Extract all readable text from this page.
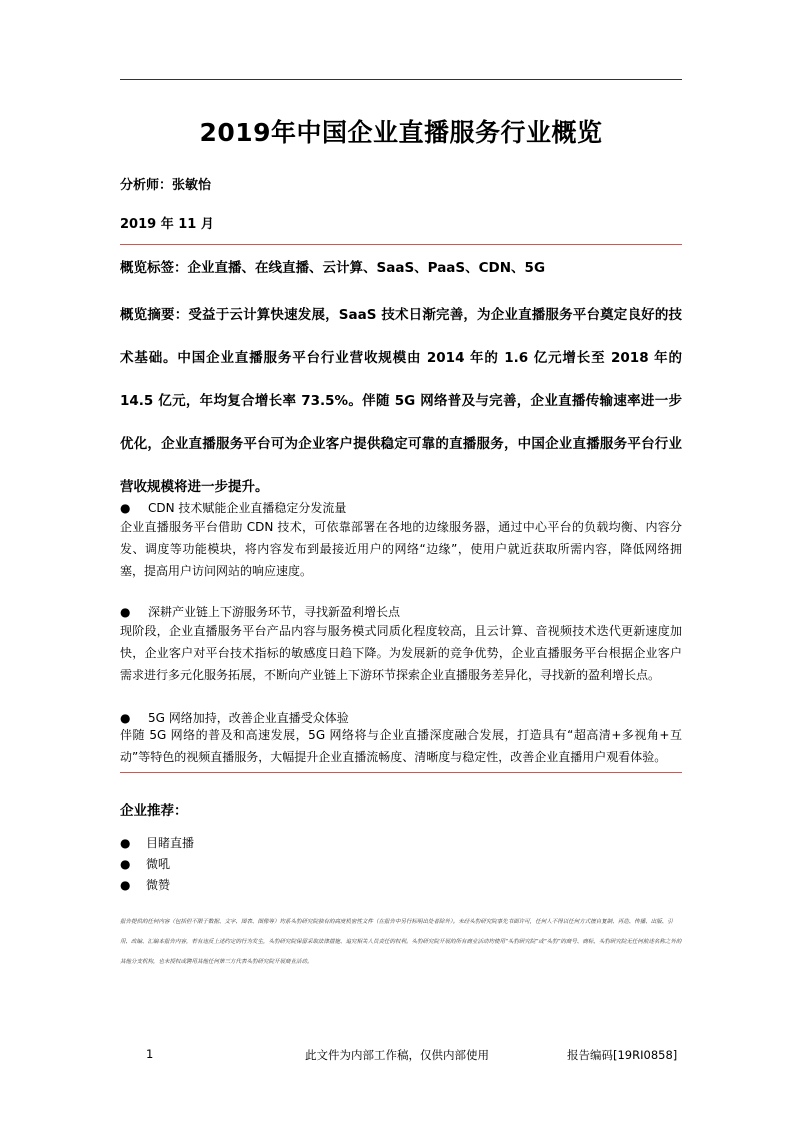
2019年中国企业直播服务行业概览
分析师：张敏怡
2019 年 11 月
概览标签：企业直播、在线直播、云计算、SaaS、PaaS、CDN、5G
概览摘要：受益于云计算快速发展，SaaS 技术日渐完善，为企业直播服务平台奠定良好的技术基础。中国企业直播服务平台行业营收规模由 2014 年的 1.6 亿元增长至 2018 年的 14.5 亿元，年均复合增长率 73.5%。伴随 5G 网络普及与完善，企业直播传输速率进一步优化，企业直播服务平台可为企业客户提供稳定可靠的直播服务，中国企业直播服务平台行业营收规模将进一步提升。
● CDN 技术赋能企业直播稳定分发流量
企业直播服务平台借助 CDN 技术，可依靠部署在各地的边缘服务器，通过中心平台的负载均衡、内容分发、调度等功能模块，将内容发布到最接近用户的网络“边缘”，使用户就近获取所需内容，降低网络拥塞，提高用户访问网站的响应速度。
● 深耕产业链上下游服务环节，寻找新盈利增长点
现阶段，企业直播服务平台产品内容与服务模式同质化程度较高，且云计算、音视频技术迭代更新速度加快，企业客户对平台技术指标的敏感度日趋下降。为发展新的竞争优势，企业直播服务平台根据企业客户需求进行多元化服务拓展，不断向产业链上下游环节探索企业直播服务差异化，寻找新的盈利增长点。
● 5G 网络加持，改善企业直播受众体验
伴随 5G 网络的普及和高速发展，5G 网络将与企业直播深度融合发展，打造具有“超高清+多视角+互动”等特色的视频直播服务，大幅提升企业直播流畅度、清晰度与稳定性，改善企业直播用户观看体验。
企业推荐：
● 目睹直播
● 微吼
● 微赞
报告提供的任何内容（包括但不限于数据、文字、图表、图像等）均系头豹研究院独有的高度机密性文件（在报告中另行标明出处者除外）。未经头豹研究院事先书面许可，任何人不得以任何方式擅自复制、再造、传播、出版、引用、改编、汇编本报告内容，若有违反上述约定的行为发生，头豹研究院保留采取法律措施、追究相关人员责任的权利。头豹研究院开展的所有商业活动均使用“头豹研究院”或“头豹”的商号、商标，头豹研究院无任何前述名称之外的其他分支机构，也未授权或聘用其他任何第三方代表头豹研究院开展商业活动。
1	此文件为内部工作稿，仅供内部使用	报告编码[19RI0858]
